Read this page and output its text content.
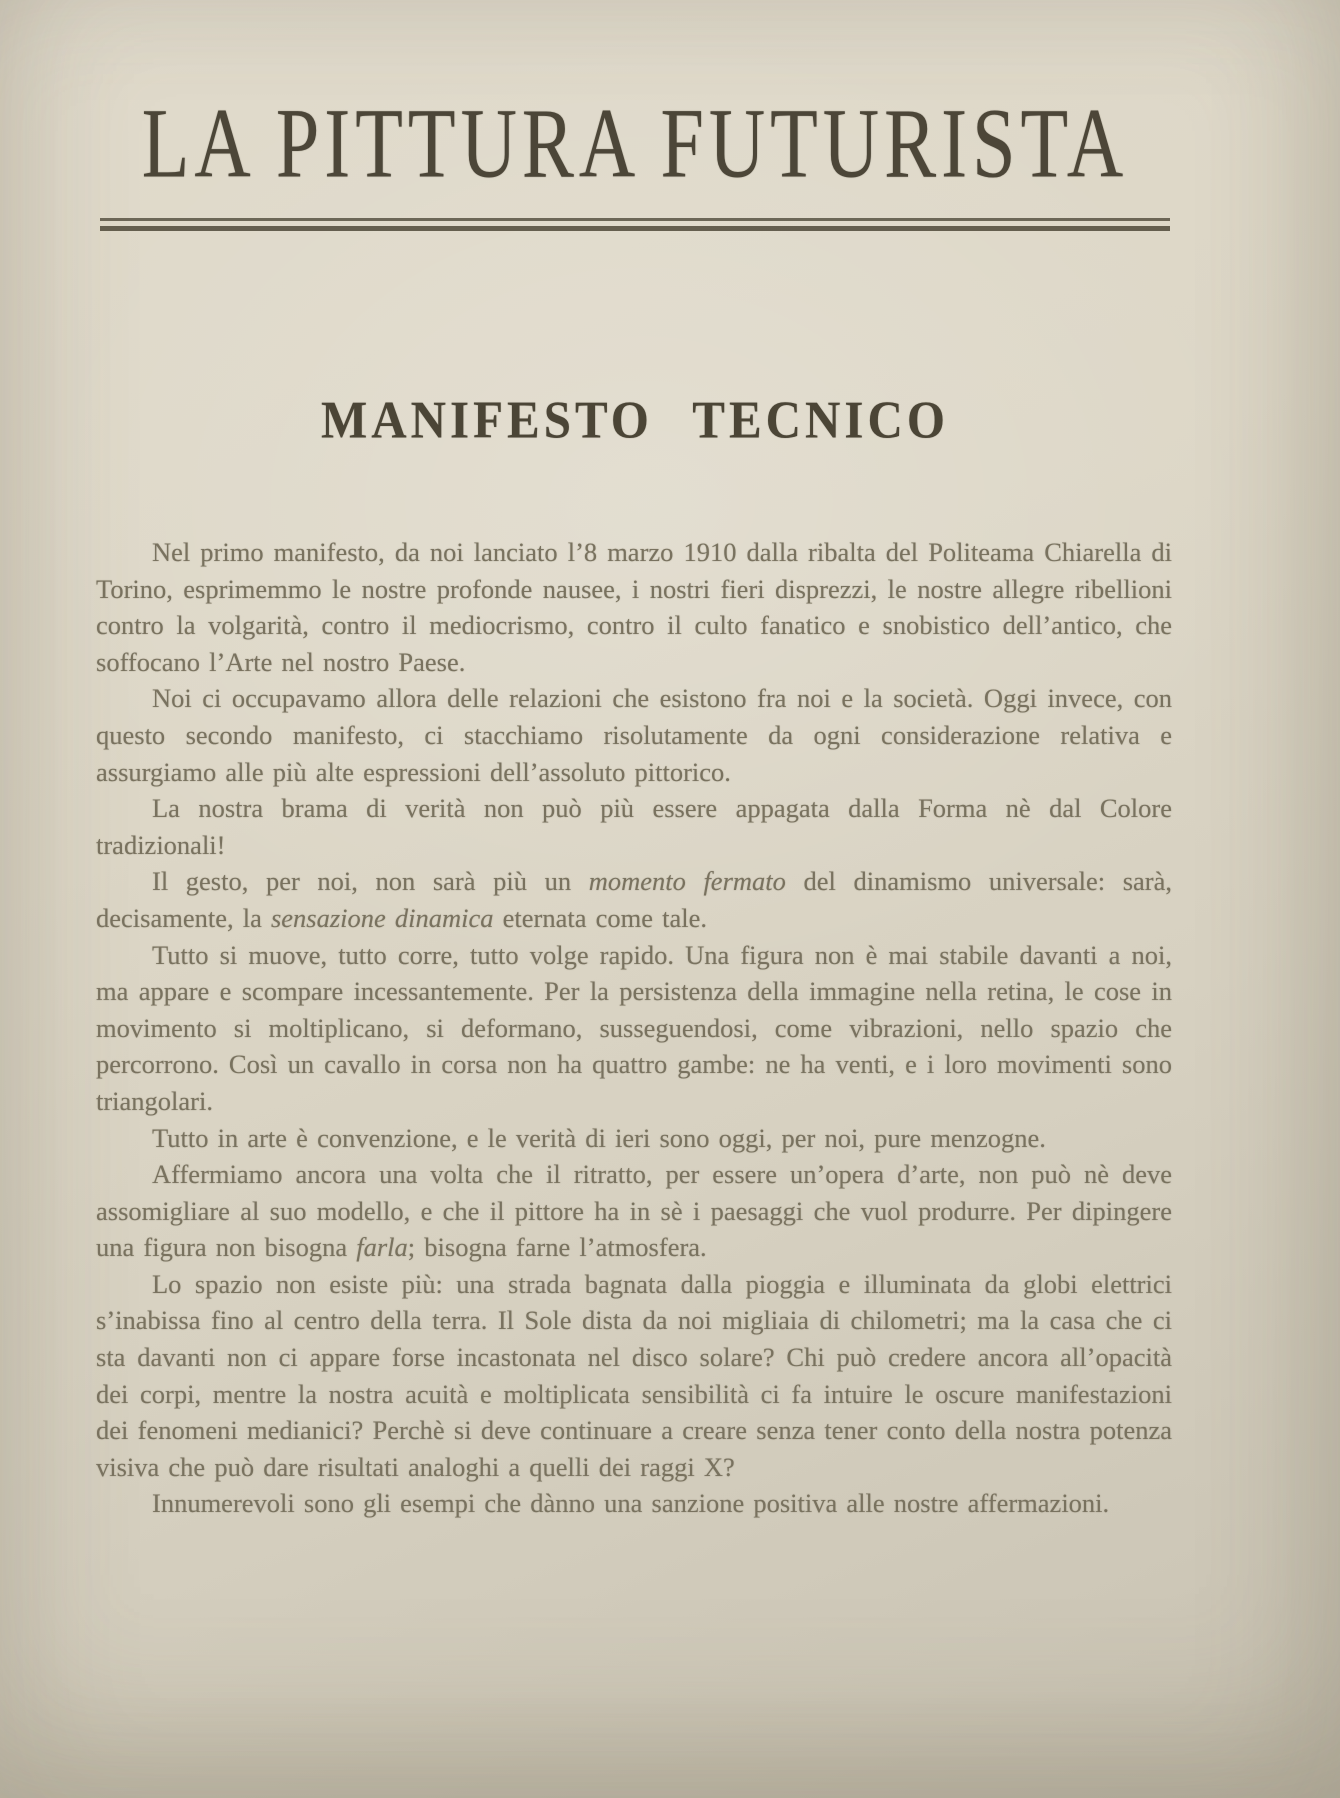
LA PITTURA FUTURISTA
MANIFESTO TECNICO

Nel primo manifesto, da noi lanciato l’8 marzo 1910 dalla ribalta del Politeama Chiarella di Torino, esprimemmo le nostre profonde nausee, i nostri fieri disprezzi, le nostre allegre ribellioni contro la volgarità, contro il mediocrismo, contro il culto fanatico e snobistico dell’antico, che soffocano l’Arte nel nostro Paese.

Noi ci occupavamo allora delle relazioni che esistono fra noi e la società. Oggi invece, con questo secondo manifesto, ci stacchiamo risolutamente da ogni considerazione relativa e assurgiamo alle più alte espressioni dell’assoluto pittorico.

La nostra brama di verità non può più essere appagata dalla Forma nè dal Colore tradizionali!

Il gesto, per noi, non sarà più un momento fermato del dinamismo universale: sarà, decisamente, la sensazione dinamica eternata come tale.

Tutto si muove, tutto corre, tutto volge rapido. Una figura non è mai stabile davanti a noi, ma appare e scompare incessantemente. Per la persistenza della immagine nella retina, le cose in movimento si moltiplicano, si deformano, susseguendosi, come vibrazioni, nello spazio che percorrono. Così un cavallo in corsa non ha quattro gambe: ne ha venti, e i loro movimenti sono triangolari.

Tutto in arte è convenzione, e le verità di ieri sono oggi, per noi, pure menzogne.

Affermiamo ancora una volta che il ritratto, per essere un’opera d’arte, non può nè deve assomigliare al suo modello, e che il pittore ha in sè i paesaggi che vuol produrre. Per dipingere una figura non bisogna farla; bisogna farne l’atmosfera.

Lo spazio non esiste più: una strada bagnata dalla pioggia e illuminata da globi elettrici s’inabissa fino al centro della terra. Il Sole dista da noi migliaia di chilometri; ma la casa che ci sta davanti non ci appare forse incastonata nel disco solare? Chi può credere ancora all’opacità dei corpi, mentre la nostra acuità e moltiplicata sensibilità ci fa intuire le oscure manifestazioni dei fenomeni medianici? Perchè si deve continuare a creare senza tener conto della nostra potenza visiva che può dare risultati analoghi a quelli dei raggi X?

Innumerevoli sono gli esempi che dànno una sanzione positiva alle nostre affermazioni.
